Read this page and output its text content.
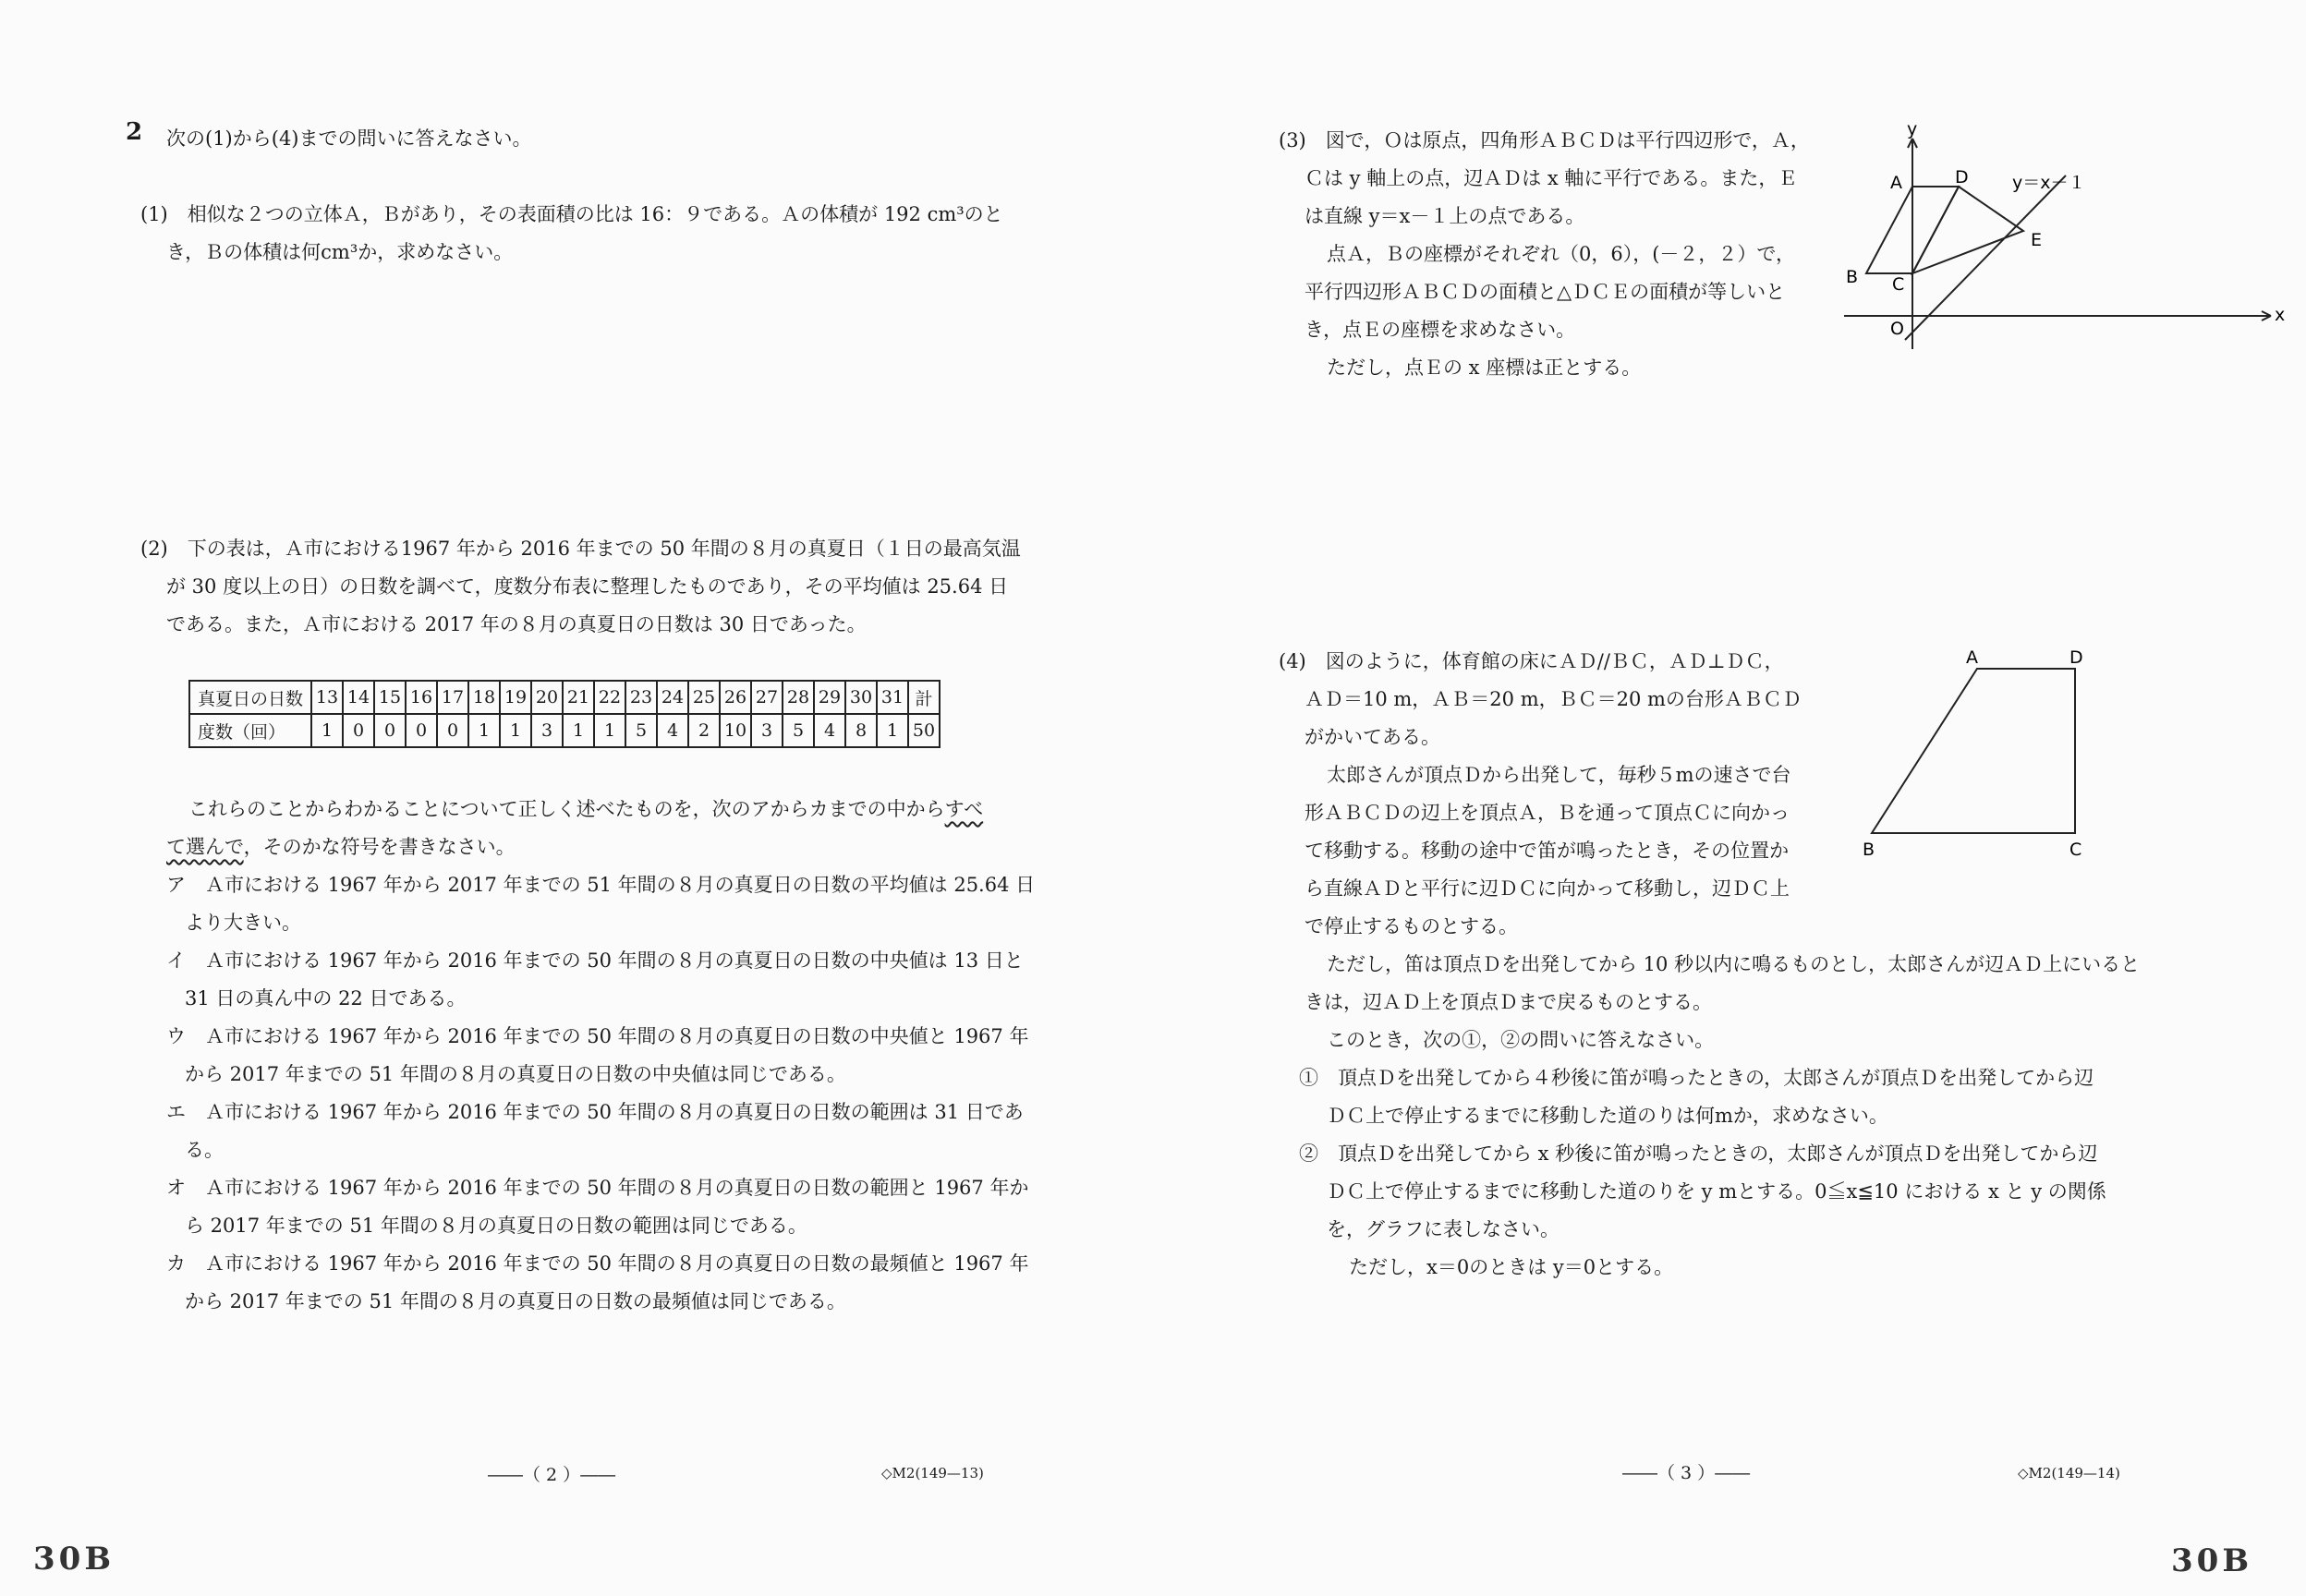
2 次の(1)から(4)までの問いに答えなさい。
(1)　相似な２つの立体Ａ，Ｂがあり，その表面積の比は 16：９である。Ａの体積が 192 cm³のと
き，Ｂの体積は何cm³か，求めなさい。
(2)　下の表は，Ａ市における1967 年から 2016 年までの 50 年間の８月の真夏日（１日の最高気温
が 30 度以上の日）の日数を調べて，度数分布表に整理したものであり，その平均値は 25.64 日
である。また，Ａ市における 2017 年の８月の真夏日の日数は 30 日であった。
真夏日の日数	13	14	15	16	17	18	19	20	21	22	23	24	25	26	27	28	29	30	31	計
度数（回）	1	0	0	0	0	1	1	3	1	1	5	4	2	10	3	5	4	8	1	50
これらのことからわかることについて正しく述べたものを，次のアからカまでの中からすべ
て選んで，そのかな符号を書きなさい。
ア Ａ市における 1967 年から 2017 年までの 51 年間の８月の真夏日の日数の平均値は 25.64 日
より大きい。
イ Ａ市における 1967 年から 2016 年までの 50 年間の８月の真夏日の日数の中央値は 13 日と
31 日の真ん中の 22 日である。
ウ Ａ市における 1967 年から 2016 年までの 50 年間の８月の真夏日の日数の中央値と 1967 年
から 2017 年までの 51 年間の８月の真夏日の日数の中央値は同じである。
エ Ａ市における 1967 年から 2016 年までの 50 年間の８月の真夏日の日数の範囲は 31 日であ
る。
オ Ａ市における 1967 年から 2016 年までの 50 年間の８月の真夏日の日数の範囲と 1967 年か
ら 2017 年までの 51 年間の８月の真夏日の日数の範囲は同じである。
カ Ａ市における 1967 年から 2016 年までの 50 年間の８月の真夏日の日数の最頻値と 1967 年
から 2017 年までの 51 年間の８月の真夏日の日数の最頻値は同じである。
――（ 2 ）――	◇M2(149—13)
30B
(3)　図で，Ｏは原点，四角形ＡＢＣＤは平行四辺形で，Ａ，
Ｃは y 軸上の点，辺ＡＤは x 軸に平行である。また，Ｅ
は直線 y＝x－１上の点である。
点Ａ，Ｂの座標がそれぞれ（0，6），(－２，２）で，
平行四辺形ＡＢＣＤの面積と△ＤＣＥの面積が等しいと
き，点Ｅの座標を求めなさい。
ただし，点Ｅの x 座標は正とする。
y
x
A	D
B C
E
O
y＝x－１
(4)　図のように，体育館の床にＡＤ//ＢＣ，ＡＤ⊥ＤＣ，
ＡＤ＝10 m，ＡＢ＝20 m，ＢＣ＝20 mの台形ＡＢＣＤ
がかいてある。
太郎さんが頂点Ｄから出発して，毎秒５mの速さで台
形ＡＢＣＤの辺上を頂点Ａ，Ｂを通って頂点Ｃに向かっ
て移動する。移動の途中で笛が鳴ったとき，その位置か
ら直線ＡＤと平行に辺ＤＣに向かって移動し，辺ＤＣ上
で停止するものとする。
ただし，笛は頂点Ｄを出発してから 10 秒以内に鳴るものとし，太郎さんが辺ＡＤ上にいると
きは，辺ＡＤ上を頂点Ｄまで戻るものとする。
このとき，次の①，②の問いに答えなさい。
①　頂点Ｄを出発してから４秒後に笛が鳴ったときの，太郎さんが頂点Ｄを出発してから辺
ＤＣ上で停止するまでに移動した道のりは何mか，求めなさい。
②　頂点Ｄを出発してから x 秒後に笛が鳴ったときの，太郎さんが頂点Ｄを出発してから辺
ＤＣ上で停止するまでに移動した道のりを y mとする。0≦x≦10 における x と y の関係
を，グラフに表しなさい。
ただし，x＝0のときは y＝0とする。
A	D
B	C
――（ 3 ）――	◇M2(149—14)
30B
